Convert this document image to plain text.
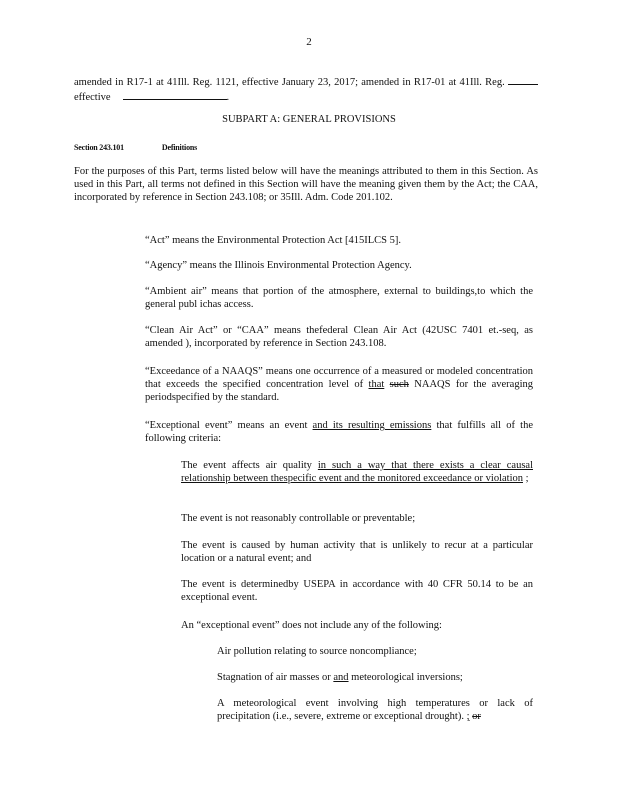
2

amended in R17-1 at 41Ill. Reg. 1121, effective January 23, 2017; amended in R17-01 at 41Ill. Reg. effective	.

SUBPART A: GENERAL PROVISIONS

Section 243.101	Definitions

For the purposes of this Part, terms listed below will have the meanings attributed to them in this Section. As used in this Part, all terms not defined in this Section will have the meaning given them by the Act; the CAA, incorporated by reference in Section 243.108; or 35Ill. Adm. Code 201.102.

“Act” means the Environmental Protection Act [415ILCS 5].

“Agency” means the Illinois Environmental Protection Agency.

“Ambient air” means that portion of the atmosphere, external to buildings,to which the general publ ichas access.

“Clean Air Act” or “CAA” means thefederal Clean Air Act (42USC 7401 et.-seq, as amended ), incorporated by reference in Section 243.108.

“Exceedance of a NAAQS” means one occurrence of a measured or modeled concentration that exceeds the specified concentration level of that such NAAQS for the averaging periodspecified by the standard.

“Exceptional event” means an event and its resulting emissions that fulfills all of the following criteria:

The event affects air quality in such a way that there exists a clear causal relationship between thespecific event and the monitored exceedance or violation ;

The event is not reasonably controllable or preventable;

The event is caused by human activity that is unlikely to recur at a particular location or a natural event; and

The event is determinedby USEPA in accordance with 40 CFR 50.14 to be an exceptional event.

An “exceptional event” does not include any of the following:

Air pollution relating to source noncompliance;

Stagnation of air masses or and meteorological inversions;

A meteorological event involving high temperatures or lack of precipitation (i.e., severe, extreme or exceptional drought). ; or
